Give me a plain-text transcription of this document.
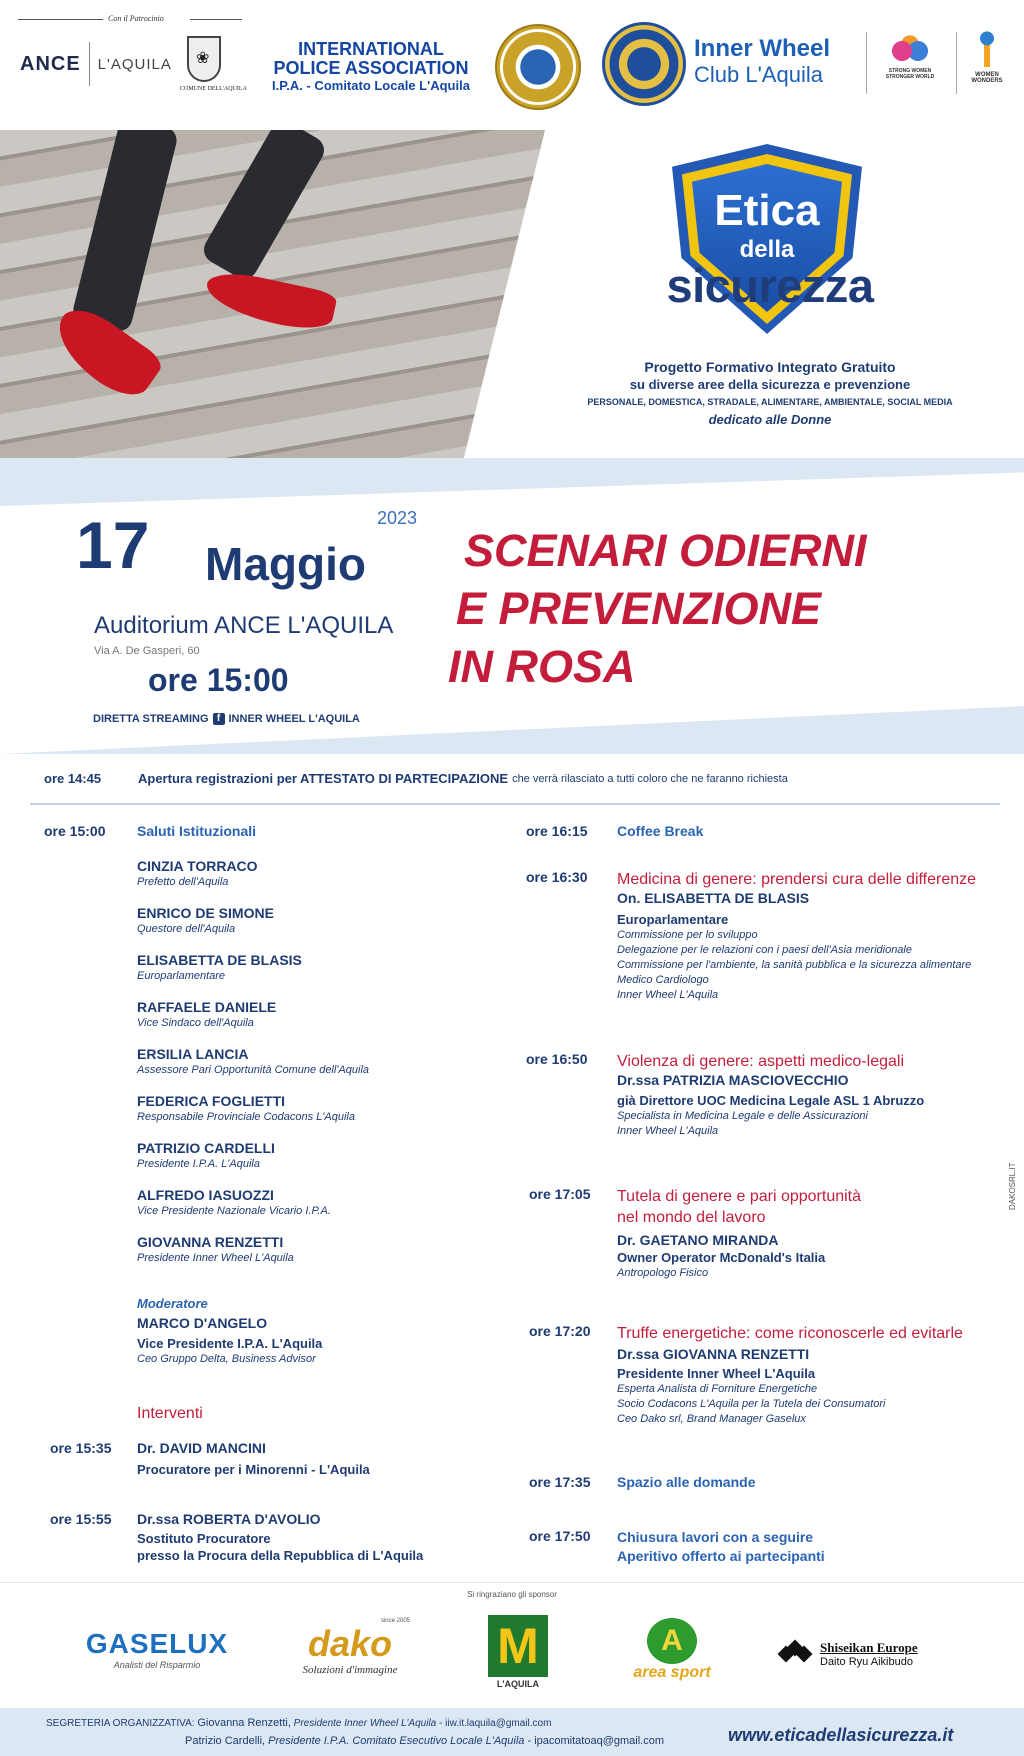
Con il Patrocinio
ANCE L'AQUILA
❀
COMUNE DELL'AQUILA
INTERNATIONAL
POLICE ASSOCIATION
I.P.A. - Comitato Locale L'Aquila
Inner Wheel
Club L'Aquila	STRONG WOMEN STRONGER WORLD	WOMEN WONDERS
Etica
della
sicurezza
Progetto Formativo Integrato Gratuito
su diverse aree della sicurezza e prevenzione
PERSONALE, DOMESTICA, STRADALE, ALIMENTARE, AMBIENTALE, SOCIAL MEDIA
dedicato alle Donne
17 Maggio
2023
Auditorium ANCE L'AQUILA
Via A. De Gasperi, 60
ore 15:00
DIRETTA STREAMING f INNER WHEEL L'AQUILA
SCENARI ODIERNI
E PREVENZIONE
IN ROSA
ore 14:45	Apertura registrazioni per ATTESTATO DI PARTECIPAZIONE che verrà rilasciato a tutti coloro che ne faranno richiesta
ore 15:00 Saluti Istituzionali
CINZIA TORRACO
Prefetto dell'Aquila
ENRICO DE SIMONE
Questore dell'Aquila
ELISABETTA DE BLASIS
Europarlamentare
RAFFAELE DANIELE
Vice Sindaco dell'Aquila
ERSILIA LANCIA
Assessore Pari Opportunità Comune dell'Aquila
FEDERICA FOGLIETTI
Responsabile Provinciale Codacons L'Aquila
PATRIZIO CARDELLI
Presidente I.P.A. L'Aquila
ALFREDO IASUOZZI
Vice Presidente Nazionale Vicario I.P.A.
GIOVANNA RENZETTI
Presidente Inner Wheel L'Aquila
Moderatore
MARCO D'ANGELO
Vice Presidente I.P.A. L'Aquila
Ceo Gruppo Delta, Business Advisor
Interventi
ore 15:35 Dr. DAVID MANCINI
Procuratore per i Minorenni - L'Aquila
ore 15:55 Dr.ssa ROBERTA D'AVOLIO
Sostituto Procuratore
presso la Procura della Repubblica di L'Aquila
ore 16:15 Coffee Break
ore 16:30 Medicina di genere: prendersi cura delle differenze
On. ELISABETTA DE BLASIS
Europarlamentare
Commissione per lo sviluppo
Delegazione per le relazioni con i paesi dell'Asia meridionale
Commissione per l'ambiente, la sanità pubblica e la sicurezza alimentare
Medico Cardiologo
Inner Wheel L'Aquila
ore 16:50 Violenza di genere: aspetti medico-legali
Dr.ssa PATRIZIA MASCIOVECCHIO
già Direttore UOC Medicina Legale ASL 1 Abruzzo
Specialista in Medicina Legale e delle Assicurazioni
Inner Wheel L'Aquila
ore 17:05 Tutela di genere e pari opportunità
nel mondo del lavoro
Dr. GAETANO MIRANDA
Owner Operator McDonald's Italia
Antropologo Fisico
ore 17:20 Truffe energetiche: come riconoscerle ed evitarle
Dr.ssa GIOVANNA RENZETTI
Presidente Inner Wheel L'Aquila
Esperta Analista di Forniture Energetiche
Socio Codacons L'Aquila per la Tutela dei Consumatori
Ceo Dako srl, Brand Manager Gaselux
ore 17:35 Spazio alle domande
ore 17:50 Chiusura lavori con a seguire
Aperitivo offerto ai partecipanti
DAKOSRL.IT
Si ringraziano gli sponsor
GASELUX
Analisti del Risparmio
since 2005
dako
Soluzioni d'immagine M
L'AQUILA
A
area sport
Shiseikan Europe
Daito Ryu Aikibudo
SEGRETERIA ORGANIZZATIVA: Giovanna Renzetti, Presidente Inner Wheel L'Aquila - iiw.it.laquila@gmail.com
Patrizio Cardelli, Presidente I.P.A. Comitato Esecutivo Locale L'Aquila - ipacomitatoaq@gmail.com	www.eticadellasicurezza.it
